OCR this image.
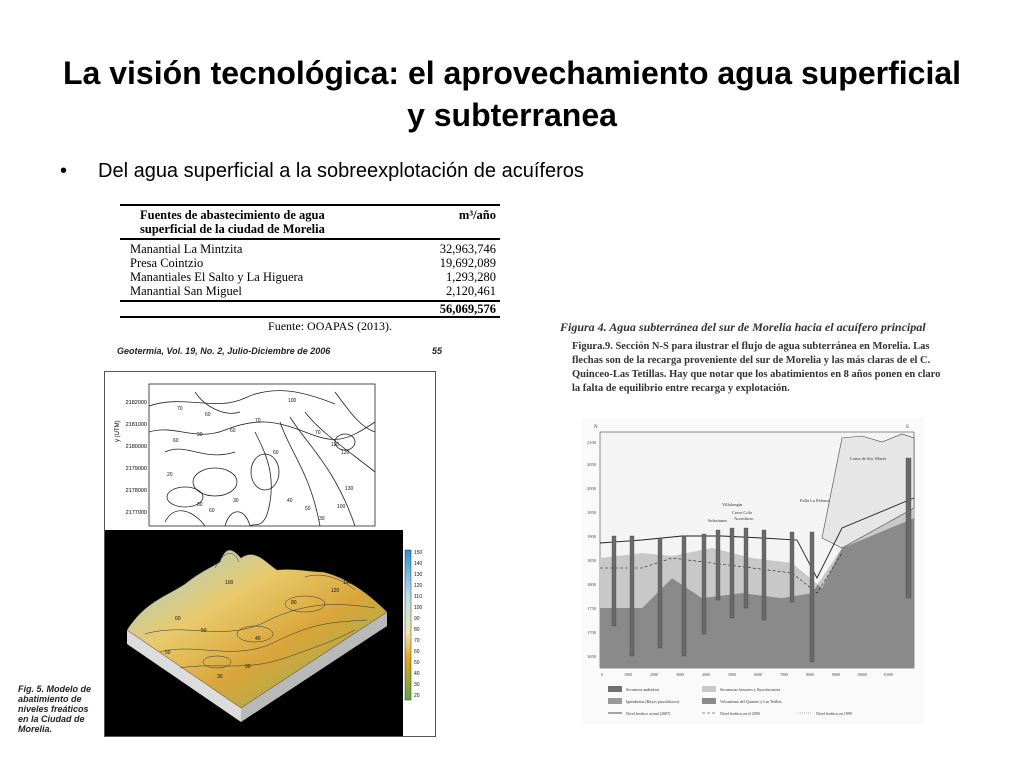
La visión tecnológica: el aprovechamiento agua superficial y subterranea
• Del agua superficial a la sobreexplotación de acuíferos
Fuentes de abastecimiento de agua superficial de la ciudad de Morelia
m³/año
Manantial La Mintzita	32,963,746
Presa Cointzio	19,692,089
Manantiales El Salto y La Higuera	1,293,280
Manantial San Miguel	2,120,461
56,069,576
Fuente: OOAPAS (2013).
Geotermia, Vol. 19, No. 2, Julio-Diciembre de 2006	55
y (UTM)
2182000
2181000
2180000
2179000
2178000
2177000
70
60
70
60
100
70
60
90
110
120
130
100
60
50
40
30
80
60
30
20
140
120
100
80
60
50
40
30
30
50
150
140
130
120
110
100
90
80
70
60
50
40
30
20
Fig. 5. Modelo de abatimiento de niveles freáticos en la Ciudad de Morelia.
Figura 4. Agua subterránea del sur de Morelia hacia el acuífero principal
Figura.9. Sección N-S para ilustrar el flujo de agua subterránea en Morelia. Las flechas son de la recarga proveniente del sur de Morelia y las más claras de el C. Quinceo-Las Tetillas. Hay que notar que los abatimientos en 8 años ponen en claro la falta de equilibrio entre recarga y explotación.
N	S
2100
2050
2000
1950
1900
1850
1800
1750
1700
1650
Loma de Sta. María
Falla La Paloma
Villalongín
Salesianos
Cerro Colo
Acueducto
0	1000	2000	3000	4000	5000	6000	7000	8000	9000	10000	11000
Secuencia andesítica
Ignimbritas (Rayos piroclásticos)
Nivel freático actual (2007)
Secuencias lacustres y fluviolacustres
Volcanismo del Quinceo y Las Tetillas
Nivel freático en el 2000	Nivel freático en 1999
